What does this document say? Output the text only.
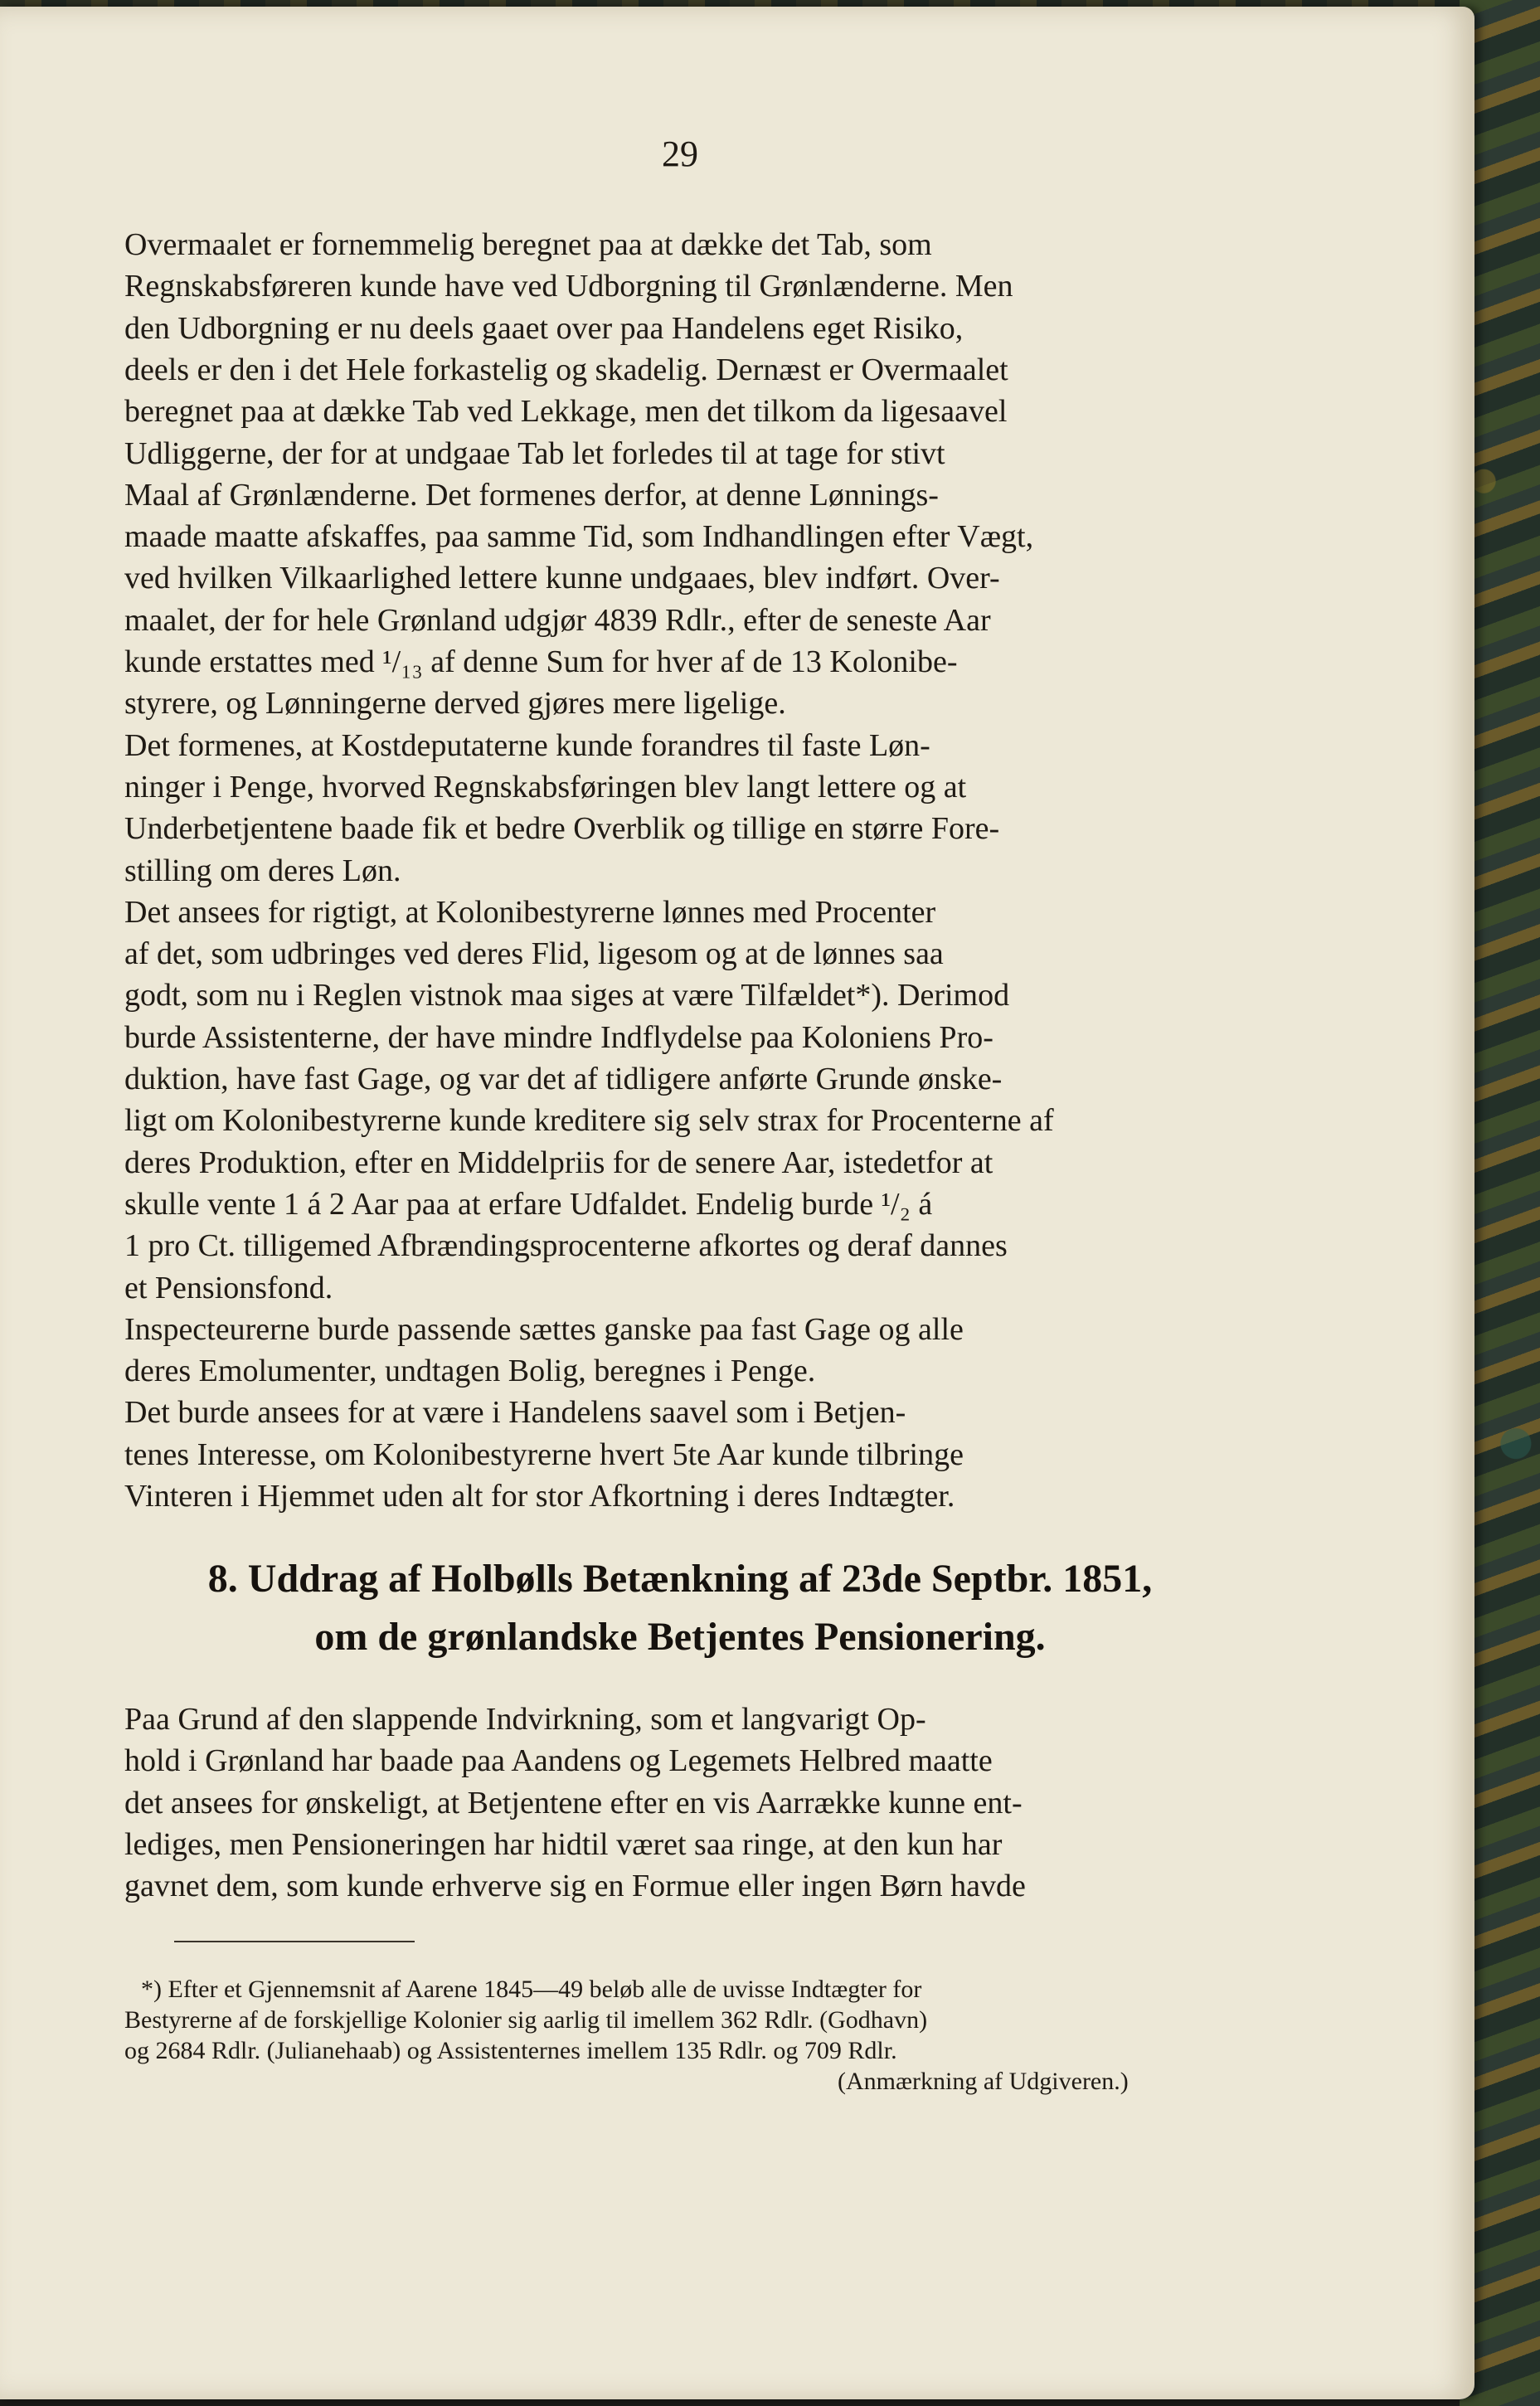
29
Overmaalet er fornemmelig beregnet paa at dække det Tab, som
Regnskabsføreren kunde have ved Udborgning til Grønlænderne. Men
den Udborgning er nu deels gaaet over paa Handelens eget Risiko,
deels er den i det Hele forkastelig og skadelig. Dernæst er Overmaalet
beregnet paa at dække Tab ved Lekkage, men det tilkom da ligesaavel
Udliggerne, der for at undgaae Tab let forledes til at tage for stivt
Maal af Grønlænderne. Det formenes derfor, at denne Lønnings-
maade maatte afskaffes, paa samme Tid, som Indhandlingen efter Vægt,
ved hvilken Vilkaarlighed lettere kunne undgaaes, blev indført. Over-
maalet, der for hele Grønland udgjør 4839 Rdlr., efter de seneste Aar
kunde erstattes med ¹/₁₃ af denne Sum for hver af de 13 Kolonibe-
styrere, og Lønningerne derved gjøres mere ligelige.
Det formenes, at Kostdeputaterne kunde forandres til faste Løn-
ninger i Penge, hvorved Regnskabsføringen blev langt lettere og at
Underbetjentene baade fik et bedre Overblik og tillige en større Fore-
stilling om deres Løn.
Det ansees for rigtigt, at Kolonibestyrerne lønnes med Procenter
af det, som udbringes ved deres Flid, ligesom og at de lønnes saa
godt, som nu i Reglen vistnok maa siges at være Tilfældet*). Derimod
burde Assistenterne, der have mindre Indflydelse paa Koloniens Pro-
duktion, have fast Gage, og var det af tidligere anførte Grunde ønske-
ligt om Kolonibestyrerne kunde kreditere sig selv strax for Procenterne af
deres Produktion, efter en Middelpriis for de senere Aar, istedetfor at
skulle vente 1 á 2 Aar paa at erfare Udfaldet. Endelig burde ¹/₂ á
1 pro Ct. tilligemed Afbrændingsprocenterne afkortes og deraf dannes
et Pensionsfond.
Inspecteurerne burde passende sættes ganske paa fast Gage og alle
deres Emolumenter, undtagen Bolig, beregnes i Penge.
Det burde ansees for at være i Handelens saavel som i Betjen-
tenes Interesse, om Kolonibestyrerne hvert 5te Aar kunde tilbringe
Vinteren i Hjemmet uden alt for stor Afkortning i deres Indtægter.
8. Uddrag af Holbølls Betænkning af 23de Septbr. 1851,
om de grønlandske Betjentes Pensionering.
Paa Grund af den slappende Indvirkning, som et langvarigt Op-
hold i Grønland har baade paa Aandens og Legemets Helbred maatte
det ansees for ønskeligt, at Betjentene efter en vis Aarrække kunne ent-
lediges, men Pensioneringen har hidtil været saa ringe, at den kun har
gavnet dem, som kunde erhverve sig en Formue eller ingen Børn havde
*) Efter et Gjennemsnit af Aarene 1845—49 beløb alle de uvisse Indtægter for
Bestyrerne af de forskjellige Kolonier sig aarlig til imellem 362 Rdlr. (Godhavn)
og 2684 Rdlr. (Julianehaab) og Assistenternes imellem 135 Rdlr. og 709 Rdlr.
(Anmærkning af Udgiveren.)
